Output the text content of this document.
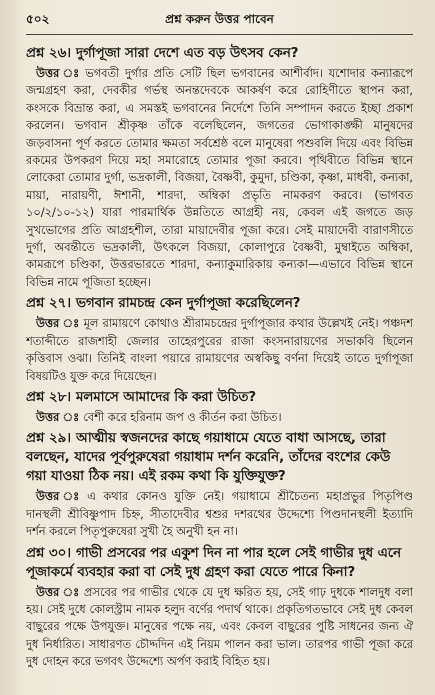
৫০২	প্রশ্ন করুন উত্তর পাবেন

প্রশ্ন ২৬। দুর্গাপূজা সারা দেশে এত বড় উৎসব কেন?

উত্তর ঃ ভগবতী দুর্গার প্রতি সেটি ছিল ভগবানের আশীর্বাদ। যশোদার কন্যারূপে জন্মগ্রহণ করা, দেবকীর গর্ভস্থ অনন্তদেবকে আকর্ষণ করে রোহিণীতে স্থাপন করা, কংসকে বিভ্রান্ত করা, এ সমস্তই ভগবানের নির্দেশে তিনি সম্পাদন করতে ইচ্ছা প্রকাশ করলেন। ভগবান শ্রীকৃষ্ণ তাঁকে বলেছিলেন, জগতের ভোগাকাঙ্ক্ষী মানুষদের জড়বাসনা পূর্ণ করতে তোমার ক্ষমতা সর্বশ্রেষ্ঠ বলে মানুষেরা পশুবলি দিয়ে এবং বিভিন্ন রকমের উপকরণ দিয়ে মহা সমারোহে তোমার পূজা করবে। পৃথিবীতে বিভিন্ন স্থানে লোকেরা তোমার দুর্গা, ভদ্রকালী, বিজয়া, বৈষ্ণবী, কুমুদা, চণ্ডিকা, কৃষ্ণা, মাধবী, কন্যকা, মায়া, নারায়ণী, ঈশানী, শারদা, অম্বিকা প্রভৃতি নামকরণ করবে। (ভাগবত ১০/২/১০-১২) যারা পারমার্থিক উন্নতিতে আগ্রহী নয়, কেবল এই জগতে জড় সুখভোগের প্রতি আগ্রহশীল, তারা মায়াদেবীর পূজা করে। সেই মায়াদেবী বারাণসীতে দুর্গা, অবন্তীতে ভদ্রকালী, উৎকলে বিজয়া, কোলাপুরে বৈষ্ণবী, মুম্বাইতে অম্বিকা, কামরূপে চণ্ডিকা, উত্তরভারতে শারদা, কন্যাকুমারিকায় কন্যকা—এভাবে বিভিন্ন স্থানে বিভিন্ন নামে পূজিতা হচ্ছেন।

প্রশ্ন ২৭। ভগবান রামচন্দ্র কেন দুর্গাপূজা করেছিলেন?

উত্তর ঃ মূল রামায়ণে কোথাও শ্রীরামচন্দ্রের দুর্গাপূজার কথার উল্লেখই নেই। পঞ্চদশ শতাব্দীতে রাজশাহী জেলার তাহেরপুরের রাজা কংসনারায়ণের সভাকবি ছিলেন কৃত্তিবাস ওঝা। তিনিই বাংলা পয়ারে রামায়ণের অস্বকিছু বর্ণনা দিয়েই তাতে দুর্গাপূজা বিষয়টিও যুক্ত করে দিয়েছেন।

প্রশ্ন ২৮। মলমাসে আমাদের কি করা উচিত?

উত্তর ঃ বেশী করে হরিনাম জপ ও কীর্তন করা উচিত।

প্রশ্ন ২৯। আত্মীয় স্বজনদের কাছে গয়াধামে যেতে বাধা আসছে, তারা বলছেন, যাদের পূর্বপুরুষেরা গয়াধাম দর্শন করেনি, তাঁদের বংশের কেউ গয়া যাওয়া ঠিক নয়। এই রকম কথা কি যুক্তিযুক্ত?

উত্তর ঃ এ কথার কোনও যুক্তি নেই। গয়াধামে শ্রীচৈতন্য মহাপ্রভুর পিতৃপিণ্ড দানস্থলী শ্রীবিষ্ণুপাদ চিহ্ন, সীতাদেবীর শ্বশুর দশরথের উদ্দেশ্যে পিণ্ডদানস্থলী ইত্যাদি দর্শন করলে পিতৃপুরুষেরা সুখী হৈ অনুখী হন না।

প্রশ্ন ৩০। গাভী প্রসবের পর একুশ দিন না পার হলে সেই গাভীর দুধ এনে পূজাকর্মে ব্যবহার করা বা সেই দুধ গ্রহণ করা যেতে পারে কিনা?

উত্তর ঃ প্রসবের পর গাভীর থেকে যে দুধ ক্ষরিত হয়, সেই গাঢ় দুধকে শালদুধ বলা হয়। সেই দুধে কোলস্ট্রাম নামক হলুদ বর্ণের পদার্থ থাকে। প্রকৃতিগতভাবে সেই দুধ কেবল বাছুরের পক্ষে উপযুক্ত। মানুষের পক্ষে নয়, এবং কেবল বাছুরের পুষ্টি সাধনের জন্য ঐ দুধ নির্ধারিত। সাধারণত চৌদ্দদিন এই নিয়ম পালন করা ভাল। তারপর গাভী পূজা করে দুধ দোহন করে ভগবৎ উদ্দেশ্যে অর্পণ করাই বিহিত হয়।
